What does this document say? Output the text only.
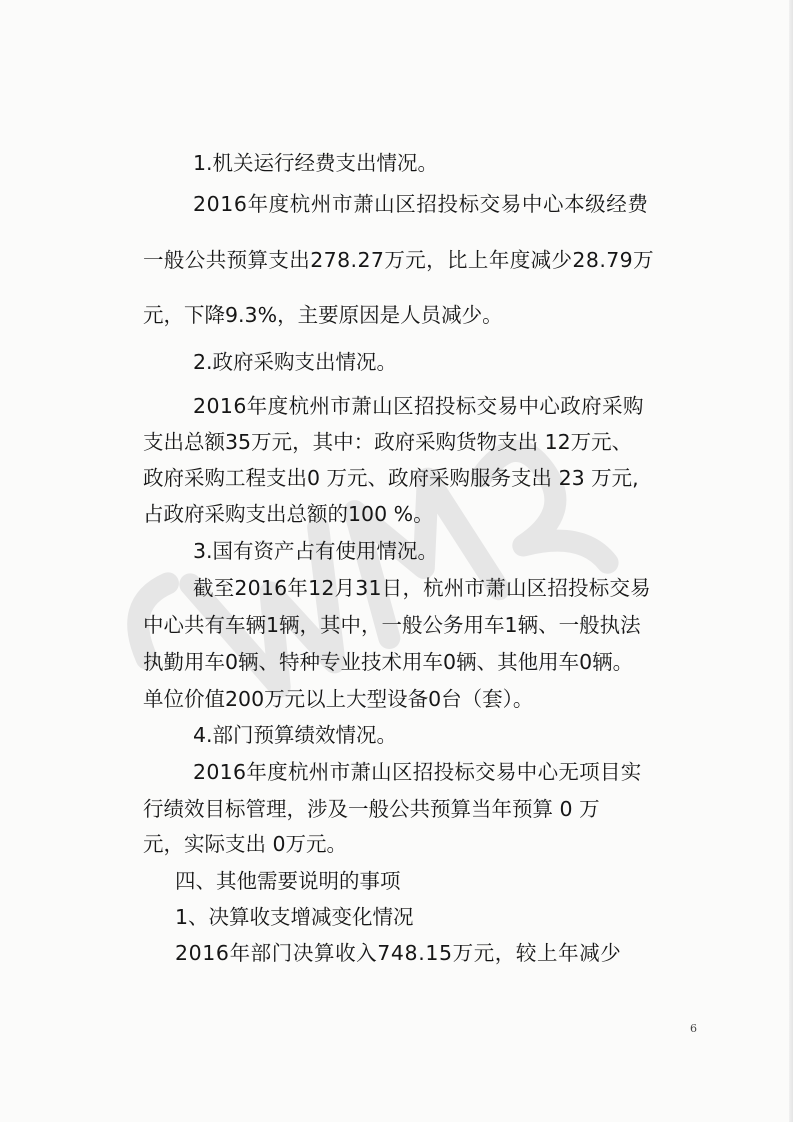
1.机关运行经费支出情况。
2016年度杭州市萧山区招投标交易中心本级经费
一般公共预算支出278.27万元，比上年度减少28.79万
元，下降9.3%，主要原因是人员减少。
2.政府采购支出情况。
2016年度杭州市萧山区招投标交易中心政府采购
支出总额35万元，其中：政府采购货物支出 12万元、
政府采购工程支出0 万元、政府采购服务支出 23 万元,
占政府采购支出总额的100 %。
3.国有资产占有使用情况。
截至2016年12月31日，杭州市萧山区招投标交易
中心共有车辆1辆，其中，一般公务用车1辆、一般执法
执勤用车0辆、特种专业技术用车0辆、其他用车0辆。
单位价值200万元以上大型设备0台（套）。
4.部门预算绩效情况。
2016年度杭州市萧山区招投标交易中心无项目实
行绩效目标管理，涉及一般公共预算当年预算 0 万
元，实际支出 0万元。
四、其他需要说明的事项
1、决算收支增减变化情况
2016年部门决算收入748.15万元，较上年减少
6
